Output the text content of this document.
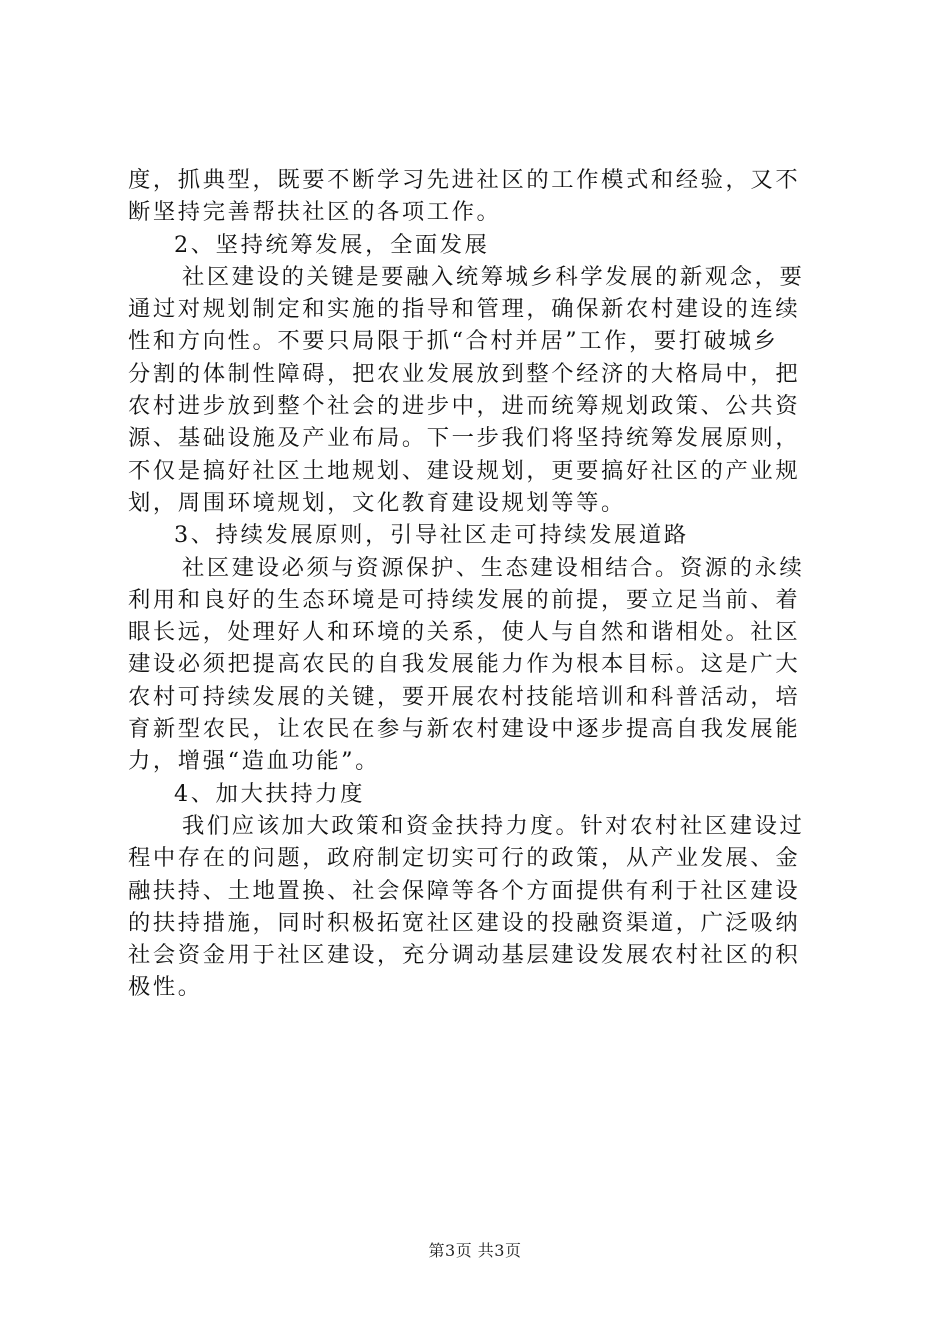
度，抓典型，既要不断学习先进社区的工作模式和经验，又不
断坚持完善帮扶社区的各项工作。
2、坚持统筹发展，全面发展
社区建设的关键是要融入统筹城乡科学发展的新观念，要
通过对规划制定和实施的指导和管理，确保新农村建设的连续
性和方向性。不要只局限于抓“合村并居”工作，要打破城乡
分割的体制性障碍，把农业发展放到整个经济的大格局中，把
农村进步放到整个社会的进步中，进而统筹规划政策、公共资
源、基础设施及产业布局。下一步我们将坚持统筹发展原则，
不仅是搞好社区土地规划、建设规划，更要搞好社区的产业规
划，周围环境规划，文化教育建设规划等等。
3、持续发展原则，引导社区走可持续发展道路
社区建设必须与资源保护、生态建设相结合。资源的永续
利用和良好的生态环境是可持续发展的前提，要立足当前、着
眼长远，处理好人和环境的关系，使人与自然和谐相处。社区
建设必须把提高农民的自我发展能力作为根本目标。这是广大
农村可持续发展的关键，要开展农村技能培训和科普活动，培
育新型农民，让农民在参与新农村建设中逐步提高自我发展能
力，增强“造血功能”。
4、加大扶持力度
我们应该加大政策和资金扶持力度。针对农村社区建设过
程中存在的问题，政府制定切实可行的政策，从产业发展、金
融扶持、土地置换、社会保障等各个方面提供有利于社区建设
的扶持措施，同时积极拓宽社区建设的投融资渠道，广泛吸纳
社会资金用于社区建设，充分调动基层建设发展农村社区的积
极性。
第3页 共3页
